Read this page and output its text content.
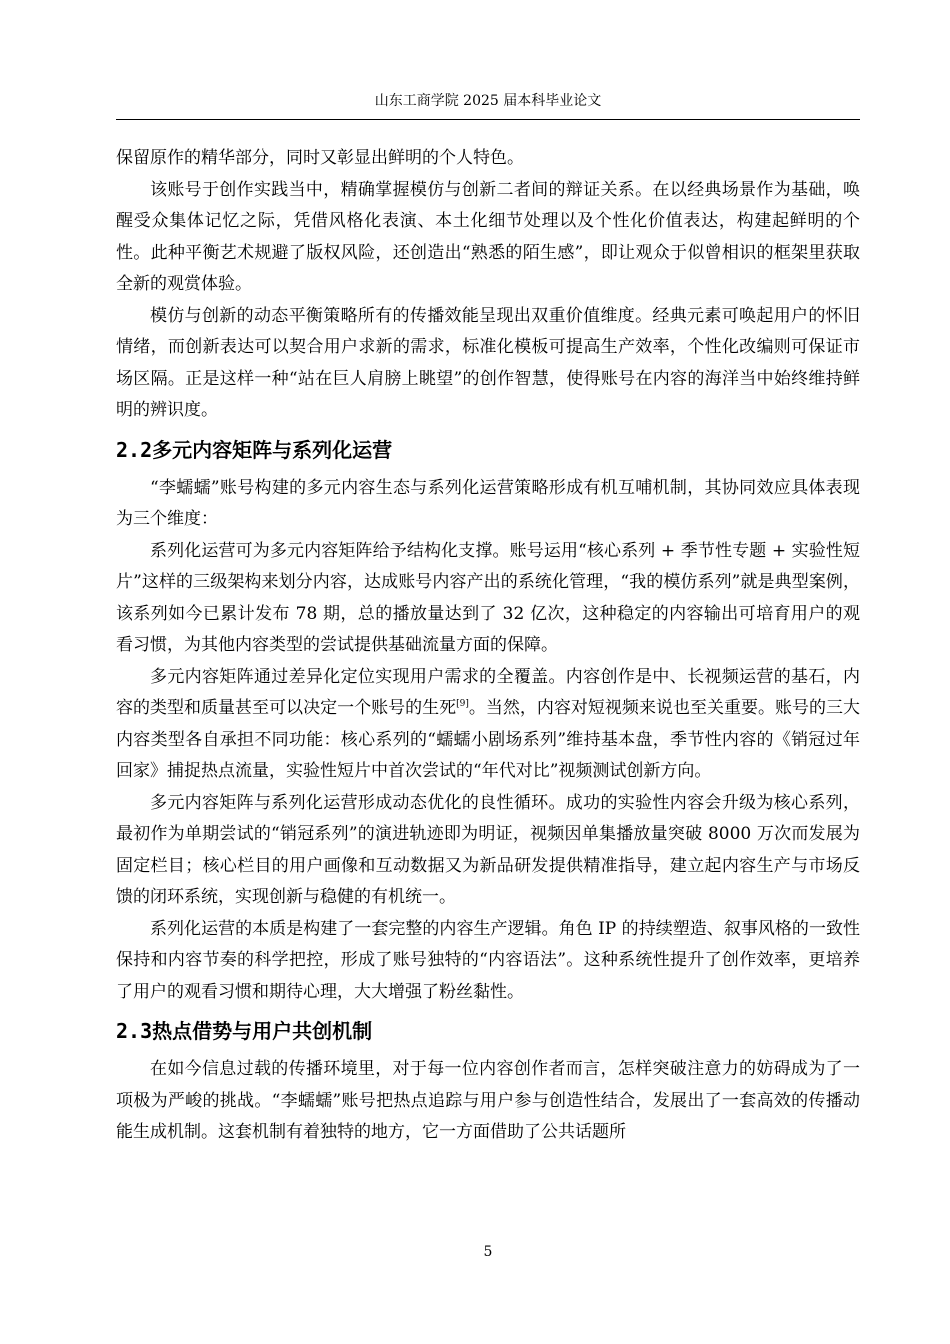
山东工商学院 2025 届本科毕业论文

保留原作的精华部分，同时又彰显出鲜明的个人特色。

该账号于创作实践当中，精确掌握模仿与创新二者间的辩证关系。在以经典场景作为基础，唤醒受众集体记忆之际，凭借风格化表演、本土化细节处理以及个性化价值表达，构建起鲜明的个性。此种平衡艺术规避了版权风险，还创造出“熟悉的陌生感”，即让观众于似曾相识的框架里获取全新的观赏体验。

模仿与创新的动态平衡策略所有的传播效能呈现出双重价值维度。经典元素可唤起用户的怀旧情绪，而创新表达可以契合用户求新的需求，标准化模板可提高生产效率，个性化改编则可保证市场区隔。正是这样一种“站在巨人肩膀上眺望”的创作智慧，使得账号在内容的海洋当中始终维持鲜明的辨识度。

2.2多元内容矩阵与系列化运营

“李蠕蠕”账号构建的多元内容生态与系列化运营策略形成有机互哺机制，其协同效应具体表现为三个维度：

系列化运营可为多元内容矩阵给予结构化支撑。账号运用“核心系列 + 季节性专题 + 实验性短片”这样的三级架构来划分内容，达成账号内容产出的系统化管理，“我的模仿系列”就是典型案例，该系列如今已累计发布 78 期，总的播放量达到了 32 亿次，这种稳定的内容输出可培育用户的观看习惯，为其他内容类型的尝试提供基础流量方面的保障。

多元内容矩阵通过差异化定位实现用户需求的全覆盖。内容创作是中、长视频运营的基石，内容的类型和质量甚至可以决定一个账号的生死[9]。当然，内容对短视频来说也至关重要。账号的三大内容类型各自承担不同功能：核心系列的“蠕蠕小剧场系列”维持基本盘，季节性内容的《销冠过年回家》捕捉热点流量，实验性短片中首次尝试的“年代对比”视频测试创新方向。

多元内容矩阵与系列化运营形成动态优化的良性循环。成功的实验性内容会升级为核心系列，最初作为单期尝试的“销冠系列”的演进轨迹即为明证，视频因单集播放量突破 8000 万次而发展为固定栏目；核心栏目的用户画像和互动数据又为新品研发提供精准指导，建立起内容生产与市场反馈的闭环系统，实现创新与稳健的有机统一。

系列化运营的本质是构建了一套完整的内容生产逻辑。角色 IP 的持续塑造、叙事风格的一致性保持和内容节奏的科学把控，形成了账号独特的“内容语法”。这种系统性提升了创作效率，更培养了用户的观看习惯和期待心理，大大增强了粉丝黏性。

2.3热点借势与用户共创机制

在如今信息过载的传播环境里，对于每一位内容创作者而言，怎样突破注意力的妨碍成为了一项极为严峻的挑战。“李蠕蠕”账号把热点追踪与用户参与创造性结合，发展出了一套高效的传播动能生成机制。这套机制有着独特的地方，它一方面借助了公共话题所

5
